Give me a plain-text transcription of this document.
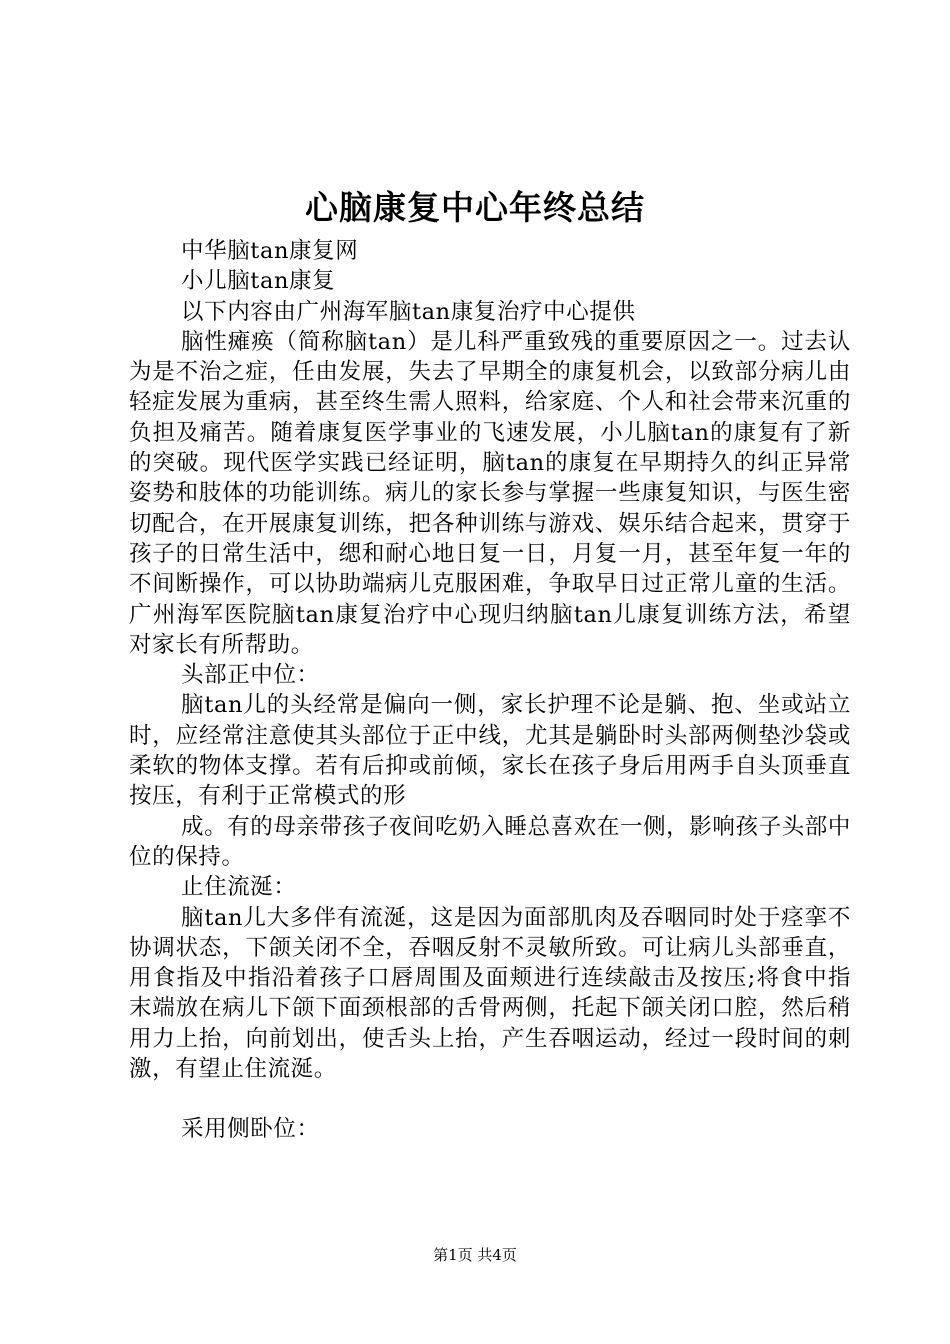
心脑康复中心年终总结

中华脑tan康复网

小儿脑tan康复

以下内容由广州海军脑tan康复治疗中心提供

脑性瘫痪（简称脑tan）是儿科严重致残的重要原因之一。过去认为是不治之症，任由发展，失去了早期全的康复机会，以致部分病儿由轻症发展为重病，甚至终生需人照料，给家庭、个人和社会带来沉重的负担及痛苦。随着康复医学事业的飞速发展，小儿脑tan的康复有了新的突破。现代医学实践已经证明，脑tan的康复在早期持久的纠正异常姿势和肢体的功能训练。病儿的家长参与掌握一些康复知识，与医生密切配合，在开展康复训练，把各种训练与游戏、娱乐结合起来，贯穿于孩子的日常生活中，缌和耐心地日复一日，月复一月，甚至年复一年的不间断操作，可以协助端病儿克服困难，争取早日过正常儿童的生活。广州海军医院脑tan康复治疗中心现归纳脑tan儿康复训练方法，希望对家长有所帮助。

头部正中位：

脑tan儿的头经常是偏向一侧，家长护理不论是躺、抱、坐或站立时，应经常注意使其头部位于正中线，尤其是躺卧时头部两侧垫沙袋或柔软的物体支撑。若有后抑或前倾，家长在孩子身后用两手自头顶垂直按压，有利于正常模式的形

成。有的母亲带孩子夜间吃奶入睡总喜欢在一侧，影响孩子头部中位的保持。

止住流涎：

脑tan儿大多伴有流涎，这是因为面部肌肉及吞咽同时处于痉挛不协调状态，下颌关闭不全，吞咽反射不灵敏所致。可让病儿头部垂直，用食指及中指沿着孩子口唇周围及面颊进行连续敲击及按压;将食中指末端放在病儿下颌下面颈根部的舌骨两侧，托起下颌关闭口腔，然后稍用力上抬，向前划出，使舌头上抬，产生吞咽运动，经过一段时间的刺激，有望止住流涎。

采用侧卧位：

第1页 共4页
